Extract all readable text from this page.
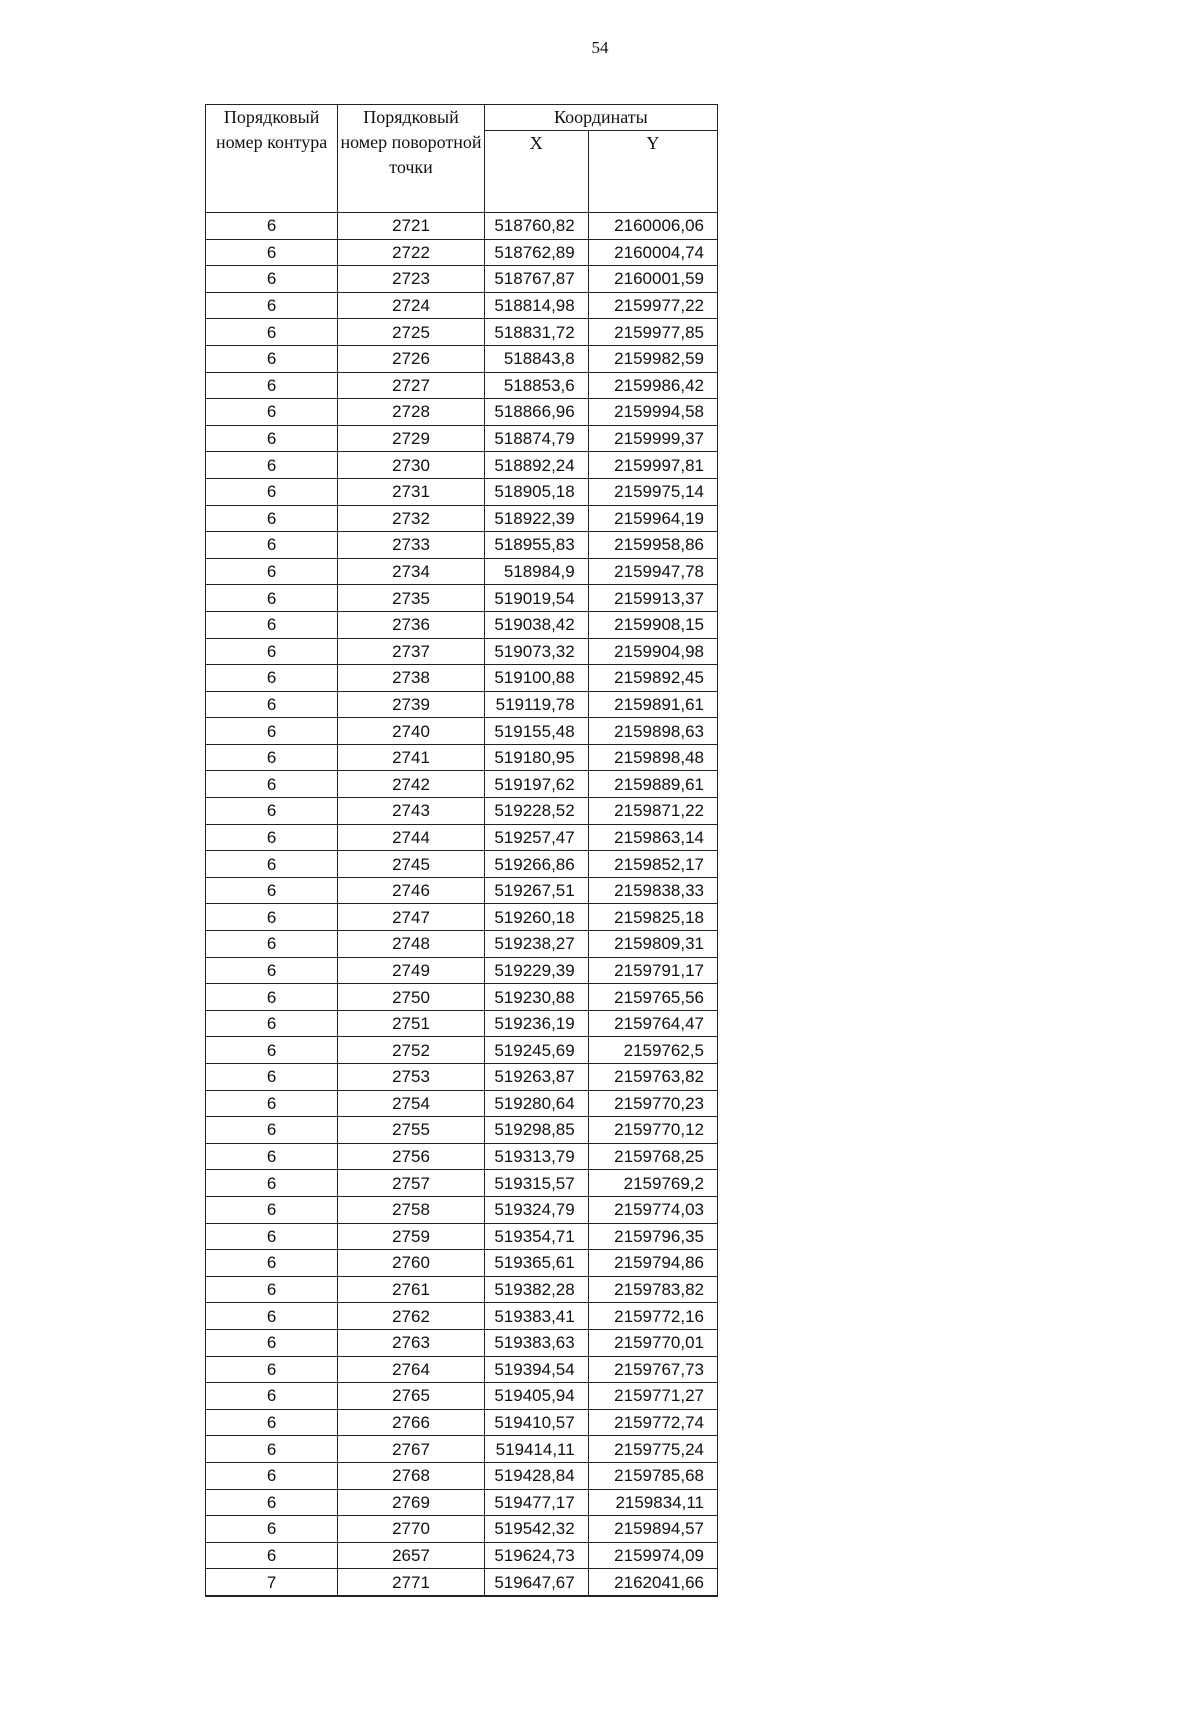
54
Порядковый номер контура	Порядковый номер поворотной точки	Координаты	
		X	Y
6	2721	518760,82	2160006,06
6	2722	518762,89	2160004,74
6	2723	518767,87	2160001,59
6	2724	518814,98	2159977,22
6	2725	518831,72	2159977,85
6	2726	518843,8	2159982,59
6	2727	518853,6	2159986,42
6	2728	518866,96	2159994,58
6	2729	518874,79	2159999,37
6	2730	518892,24	2159997,81
6	2731	518905,18	2159975,14
6	2732	518922,39	2159964,19
6	2733	518955,83	2159958,86
6	2734	518984,9	2159947,78
6	2735	519019,54	2159913,37
6	2736	519038,42	2159908,15
6	2737	519073,32	2159904,98
6	2738	519100,88	2159892,45
6	2739	519119,78	2159891,61
6	2740	519155,48	2159898,63
6	2741	519180,95	2159898,48
6	2742	519197,62	2159889,61
6	2743	519228,52	2159871,22
6	2744	519257,47	2159863,14
6	2745	519266,86	2159852,17
6	2746	519267,51	2159838,33
6	2747	519260,18	2159825,18
6	2748	519238,27	2159809,31
6	2749	519229,39	2159791,17
6	2750	519230,88	2159765,56
6	2751	519236,19	2159764,47
6	2752	519245,69	2159762,5
6	2753	519263,87	2159763,82
6	2754	519280,64	2159770,23
6	2755	519298,85	2159770,12
6	2756	519313,79	2159768,25
6	2757	519315,57	2159769,2
6	2758	519324,79	2159774,03
6	2759	519354,71	2159796,35
6	2760	519365,61	2159794,86
6	2761	519382,28	2159783,82
6	2762	519383,41	2159772,16
6	2763	519383,63	2159770,01
6	2764	519394,54	2159767,73
6	2765	519405,94	2159771,27
6	2766	519410,57	2159772,74
6	2767	519414,11	2159775,24
6	2768	519428,84	2159785,68
6	2769	519477,17	2159834,11
6	2770	519542,32	2159894,57
6	2657	519624,73	2159974,09
7	2771	519647,67	2162041,66
